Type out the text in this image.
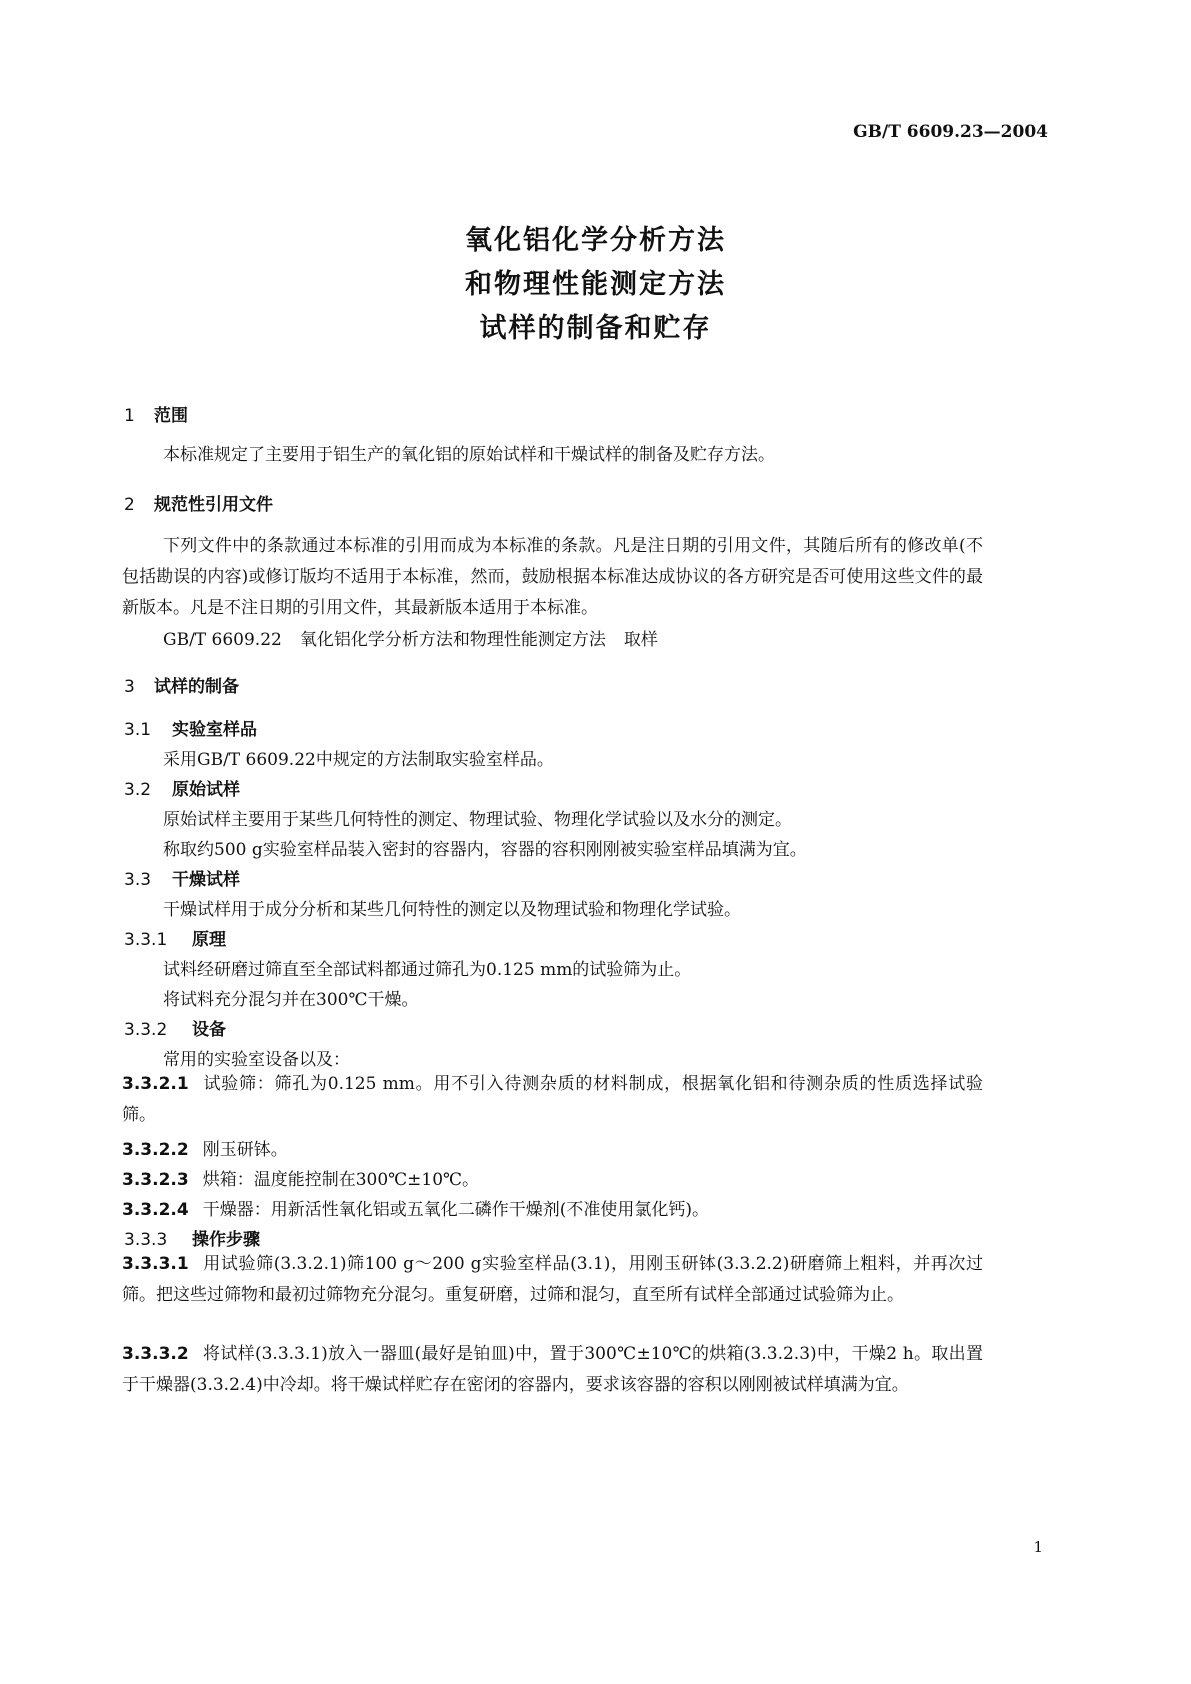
GB/T 6609.23—2004
氧化铝化学分析方法
和物理性能测定方法
试样的制备和贮存
1 范围
本标准规定了主要用于铝生产的氧化铝的原始试样和干燥试样的制备及贮存方法。
2 规范性引用文件
下列文件中的条款通过本标准的引用而成为本标准的条款。凡是注日期的引用文件，其随后所有的修改单(不包括勘误的内容)或修订版均不适用于本标准，然而，鼓励根据本标准达成协议的各方研究是否可使用这些文件的最新版本。凡是不注日期的引用文件，其最新版本适用于本标准。
GB/T 6609.22 氧化铝化学分析方法和物理性能测定方法 取样
3 试样的制备
3.1 实验室样品
采用GB/T 6609.22中规定的方法制取实验室样品。
3.2 原始试样
原始试样主要用于某些几何特性的测定、物理试验、物理化学试验以及水分的测定。
称取约500 g实验室样品装入密封的容器内，容器的容积刚刚被实验室样品填满为宜。
3.3 干燥试样
干燥试样用于成分分析和某些几何特性的测定以及物理试验和物理化学试验。
3.3.1 原理
试料经研磨过筛直至全部试料都通过筛孔为0.125 mm的试验筛为止。
将试料充分混匀并在300℃干燥。
3.3.2 设备
常用的实验室设备以及：
3.3.2.1 试验筛：筛孔为0.125 mm。用不引入待测杂质的材料制成，根据氧化铝和待测杂质的性质选择试验筛。
3.3.2.2 刚玉研钵。
3.3.2.3 烘箱：温度能控制在300℃±10℃。
3.3.2.4 干燥器：用新活性氧化铝或五氧化二磷作干燥剂(不准使用氯化钙)。
3.3.3 操作步骤
3.3.3.1 用试验筛(3.3.2.1)筛100 g～200 g实验室样品(3.1)，用刚玉研钵(3.3.2.2)研磨筛上粗料，并再次过筛。把这些过筛物和最初过筛物充分混匀。重复研磨，过筛和混匀，直至所有试样全部通过试验筛为止。
3.3.3.2 将试样(3.3.3.1)放入一器皿(最好是铂皿)中，置于300℃±10℃的烘箱(3.3.2.3)中，干燥2 h。取出置于干燥器(3.3.2.4)中冷却。将干燥试样贮存在密闭的容器内，要求该容器的容积以刚刚被试样填满为宜。
1
